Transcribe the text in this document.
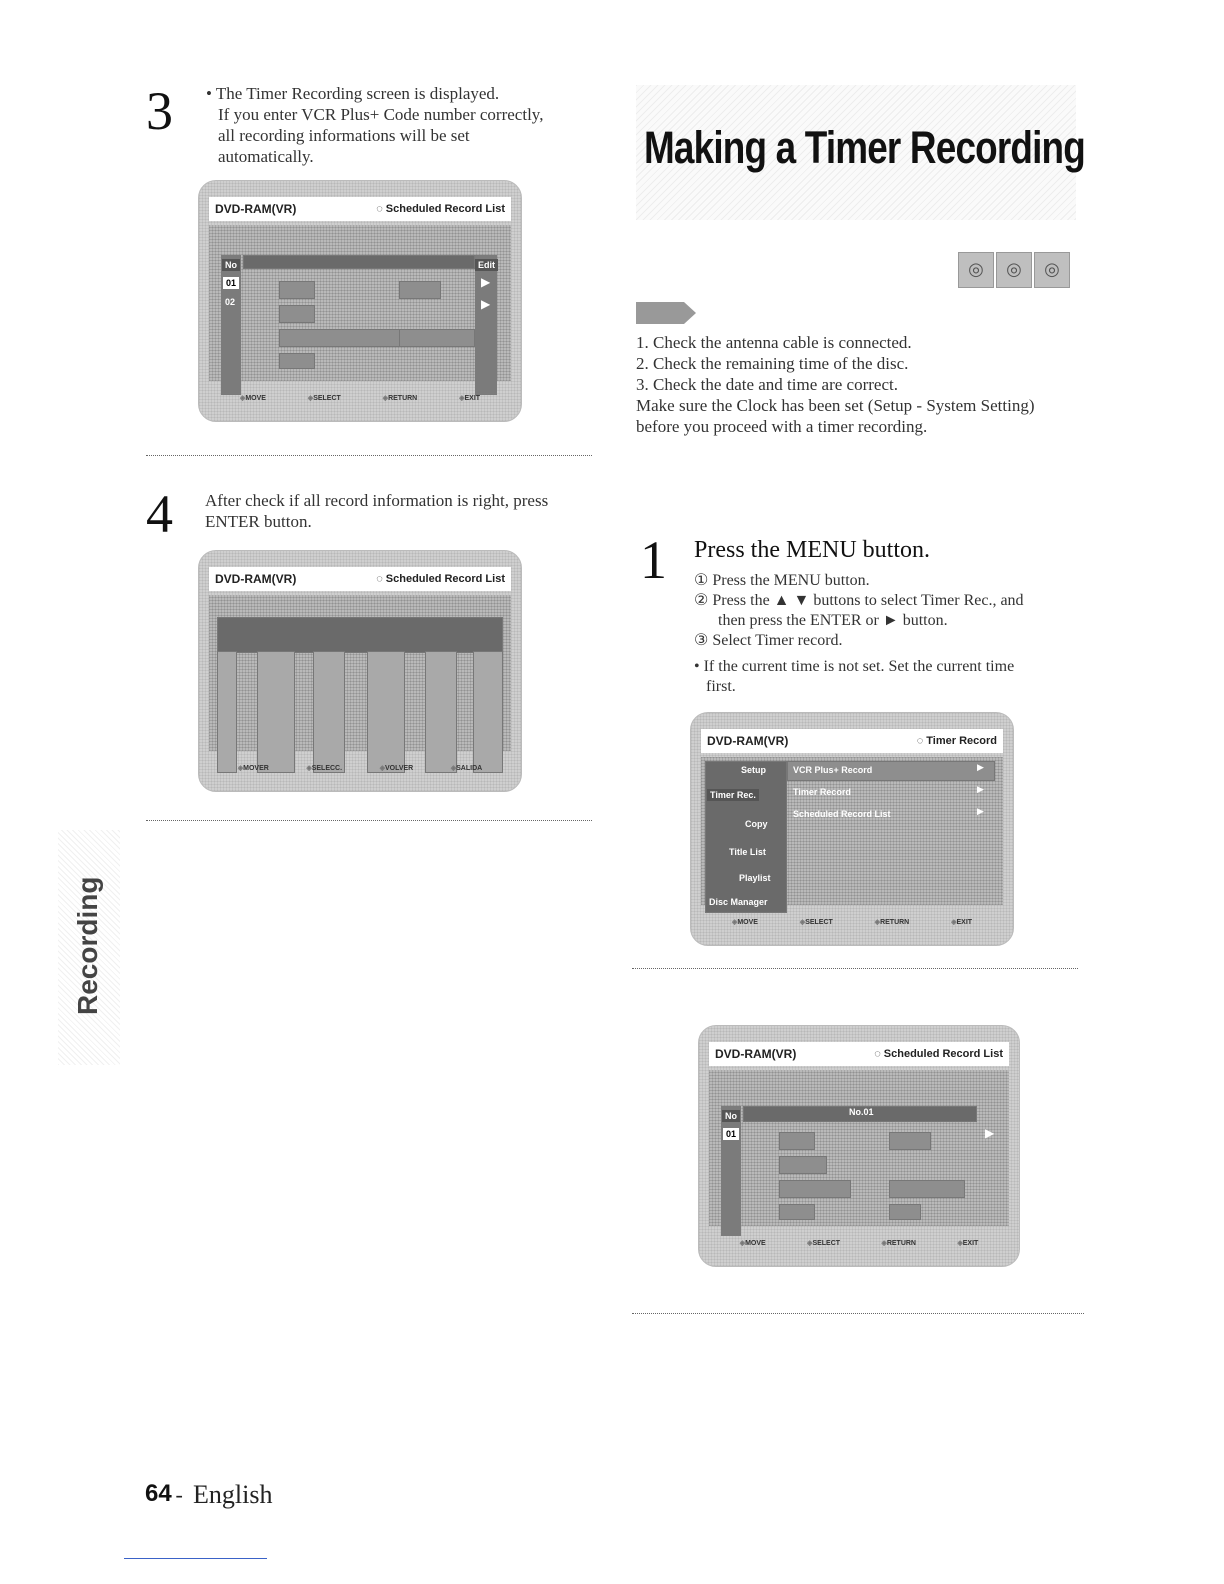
3 • The Timer Recording screen is displayed.

If you enter VCR Plus+ Code number correctly,

all recording informations will be set

automatically.

DVD-RAM(VR)	◌ Scheduled Record List
No
01
02
Edit
▶
▶
◈ MOVE	◈ SELECT	◈ RETURN	◈ EXIT
4 After check if all record information is right, press

ENTER button.

DVD-RAM(VR)	◌ Scheduled Record List
◈ MOVER	◈ SELECC.	◈ VOLVER	◈ SALIDA
Recording
Making a Timer Recording
◎	◎	◎

1. Check the antenna cable is connected.

2. Check the remaining time of the disc.

3. Check the date and time are correct.

Make sure the Clock has been set (Setup - System Setting)

before you proceed with a timer recording.

1 Press the MENU button.

① Press the MENU button.

② Press the ▲ ▼ buttons to select Timer Rec., and

then press the ENTER or ► button.

③ Select Timer record.

• If the current time is not set. Set the current time

first.

DVD-RAM(VR)	◌ Timer Record
Setup
Timer Rec.
Copy
Title List
Playlist
Disc Manager
VCR Plus+ Record
Timer Record
Scheduled Record List
▶
▶
▶
◈ MOVE	◈ SELECT	◈ RETURN	◈ EXIT
DVD-RAM(VR)	◌ Scheduled Record List
No
01
No.01
▶
◈ MOVE	◈ SELECT	◈ RETURN	◈ EXIT
64
- English
